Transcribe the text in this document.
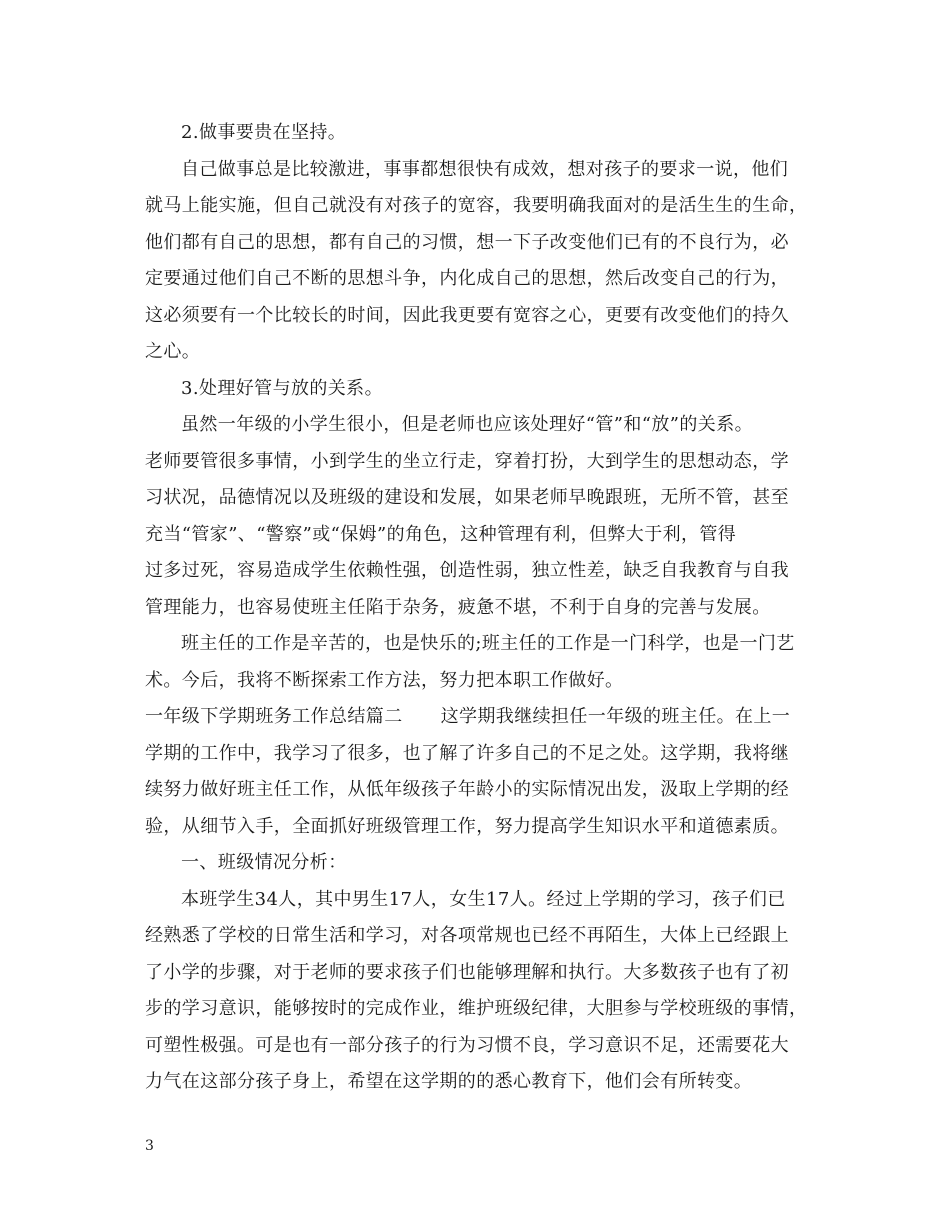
2.做事要贵在坚持。
自己做事总是比较激进，事事都想很快有成效，想对孩子的要求一说，他们
就马上能实施，但自己就没有对孩子的宽容，我要明确我面对的是活生生的生命，
他们都有自己的思想，都有自己的习惯，想一下子改变他们已有的不良行为，必
定要通过他们自己不断的思想斗争，内化成自己的思想，然后改变自己的行为，
这必须要有一个比较长的时间，因此我更要有宽容之心，更要有改变他们的持久
之心。
3.处理好管与放的关系。
虽然一年级的小学生很小，但是老师也应该处理好“管”和“放”的关系。
老师要管很多事情，小到学生的坐立行走，穿着打扮，大到学生的思想动态，学
习状况，品德情况以及班级的建设和发展，如果老师早晚跟班，无所不管，甚至
充当“管家”、“警察”或“保姆”的角色，这种管理有利，但弊大于利，管得
过多过死，容易造成学生依赖性强，创造性弱，独立性差，缺乏自我教育与自我
管理能力，也容易使班主任陷于杂务，疲惫不堪，不利于自身的完善与发展。
班主任的工作是辛苦的，也是快乐的;班主任的工作是一门科学，也是一门艺
术。今后，我将不断探索工作方法，努力把本职工作做好。
一年级下学期班务工作总结篇二 这学期我继续担任一年级的班主任。在上一
学期的工作中，我学习了很多，也了解了许多自己的不足之处。这学期，我将继
续努力做好班主任工作，从低年级孩子年龄小的实际情况出发，汲取上学期的经
验，从细节入手，全面抓好班级管理工作，努力提高学生知识水平和道德素质。
一、班级情况分析：
本班学生34人，其中男生17人，女生17人。经过上学期的学习，孩子们已
经熟悉了学校的日常生活和学习，对各项常规也已经不再陌生，大体上已经跟上
了小学的步骤，对于老师的要求孩子们也能够理解和执行。大多数孩子也有了初
步的学习意识，能够按时的完成作业，维护班级纪律，大胆参与学校班级的事情，
可塑性极强。可是也有一部分孩子的行为习惯不良，学习意识不足，还需要花大
力气在这部分孩子身上，希望在这学期的的悉心教育下，他们会有所转变。
3
